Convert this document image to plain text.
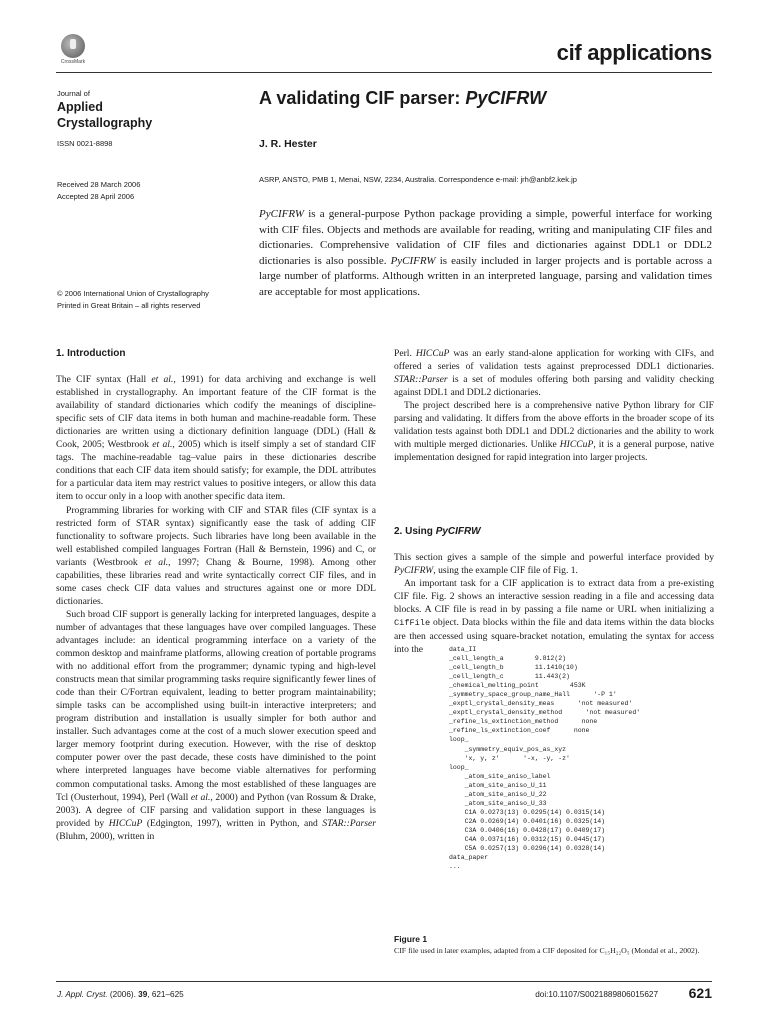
CrossMark	cif applications
Journal of
Applied Crystallography
ISSN 0021-8898
Received 28 March 2006
Accepted 28 April 2006
© 2006 International Union of Crystallography
Printed in Great Britain – all rights reserved
A validating CIF parser: PyCIFRW
J. R. Hester
ASRP, ANSTO, PMB 1, Menai, NSW, 2234, Australia. Correspondence e-mail: jrh@anbf2.kek.jp
PyCIFRW is a general-purpose Python package providing a simple, powerful interface for working with CIF files. Objects and methods are available for reading, writing and manipulating CIF files and dictionaries. Comprehensive validation of CIF files and dictionaries against DDL1 or DDL2 dictionaries is also possible. PyCIFRW is easily included in larger projects and is portable across a large number of platforms. Although written in an interpreted language, parsing and validation times are acceptable for most applications.
1. Introduction

The CIF syntax (Hall et al., 1991) for data archiving and exchange is well established in crystallography. An important feature of the CIF format is the availability of standard dictionaries which codify the meanings of discipline-specific sets of CIF data items in both human and machine-readable form. These dictionaries are written using a dictionary definition language (DDL) (Hall & Cook, 2005; Westbrook et al., 2005) which is itself simply a set of standard CIF tags. The machine-readable tag–value pairs in these dictionaries describe conditions that each CIF data item should satisfy; for example, the DDL attributes for a particular data item may restrict values to positive integers, or allow this data item to occur only in a loop with another specific data item.

Programming libraries for working with CIF and STAR files (CIF syntax is a restricted form of STAR syntax) significantly ease the task of adding CIF functionality to software projects. Such libraries have long been available in the well established compiled languages Fortran (Hall & Bernstein, 1996) and C, or variants (Westbrook et al., 1997; Chang & Bourne, 1998). Among other capabilities, these libraries read and write syntactically correct CIF files, and in some cases check CIF data values and structures against one or more DDL dictionaries.

Such broad CIF support is generally lacking for interpreted languages, despite a number of advantages that these languages have over compiled languages. These advantages include: an identical programming interface on a variety of the common desktop and mainframe platforms, allowing creation of portable programs with no additional effort from the programmer; dynamic typing and high-level constructs mean that similar programming tasks require significantly fewer lines of code than their C/Fortran equivalent, leading to better program maintainability; simple tasks can be accomplished using built-in interactive interpreters; and program distribution and installation is usually simpler for both author and installer. Such advantages come at the cost of a much slower execution speed and larger memory footprint during execution. However, with the rise of desktop computer power over the past decade, these costs have diminished to the point where interpreted languages have become viable alternatives for performing common computational tasks. Among the most established of these languages are Tcl (Ousterhout, 1994), Perl (Wall et al., 2000) and Python (van Rossum & Drake, 2003). A degree of CIF parsing and validation support in these languages is provided by HICCuP (Edgington, 1997), written in Python, and STAR::Parser (Bluhm, 2000), written in

Perl. HICCuP was an early stand-alone application for working with CIFs, and offered a series of validation tests against preprocessed DDL1 dictionaries. STAR::Parser is a set of modules offering both parsing and validity checking against DDL1 and DDL2 dictionaries.

The project described here is a comprehensive native Python library for CIF parsing and validating. It differs from the above efforts in the broader scope of its validation tests against both DDL1 and DDL2 dictionaries and the ability to work with multiple merged dictionaries. Unlike HICCuP, it is a general purpose, native implementation designed for rapid integration into larger projects.

2. Using PyCIFRW

This section gives a sample of the simple and powerful interface provided by PyCIFRW, using the example CIF file of Fig. 1.

An important task for a CIF application is to extract data from a pre-existing CIF file. Fig. 2 shows an interactive session reading in a file and accessing data blocks. A CIF file is read in by passing a file name or URL when initializing a CifFile object. Data blocks within the file and data items within the data blocks are then accessed using square-bracket notation, emulating the syntax for access into the	data_II
_cell_length_a        9.812(2)
_cell_length_b        11.1410(10)
_cell_length_c        11.443(2)
_chemical_melting_point        453K
_symmetry_space_group_name_Hall      '-P 1'
_exptl_crystal_density_meas      'not measured'
_exptl_crystal_density_method      'not measured'
_refine_ls_extinction_method      none
_refine_ls_extinction_coef      none
loop_
_symmetry_equiv_pos_as_xyz
'x, y, z'      '-x, -y, -z'
loop_
_atom_site_aniso_label
_atom_site_aniso_U_11
_atom_site_aniso_U_22
_atom_site_aniso_U_33
C1A 0.0273(13) 0.0295(14) 0.0315(14)
C2A 0.0269(14) 0.0401(16) 0.0325(14)
C3A 0.0406(16) 0.0428(17) 0.0409(17)
C4A 0.0371(16) 0.0312(15) 0.0445(17)
C5A 0.0257(13) 0.0296(14) 0.0328(14)
data_paper
...
Figure 1
CIF file used in later examples, adapted from a CIF deposited for C₁₅H₂₂O₅ (Mondal et al., 2002).
J. Appl. Cryst. (2006). 39, 621–625	doi:10.1107/S0021889806015627 621
